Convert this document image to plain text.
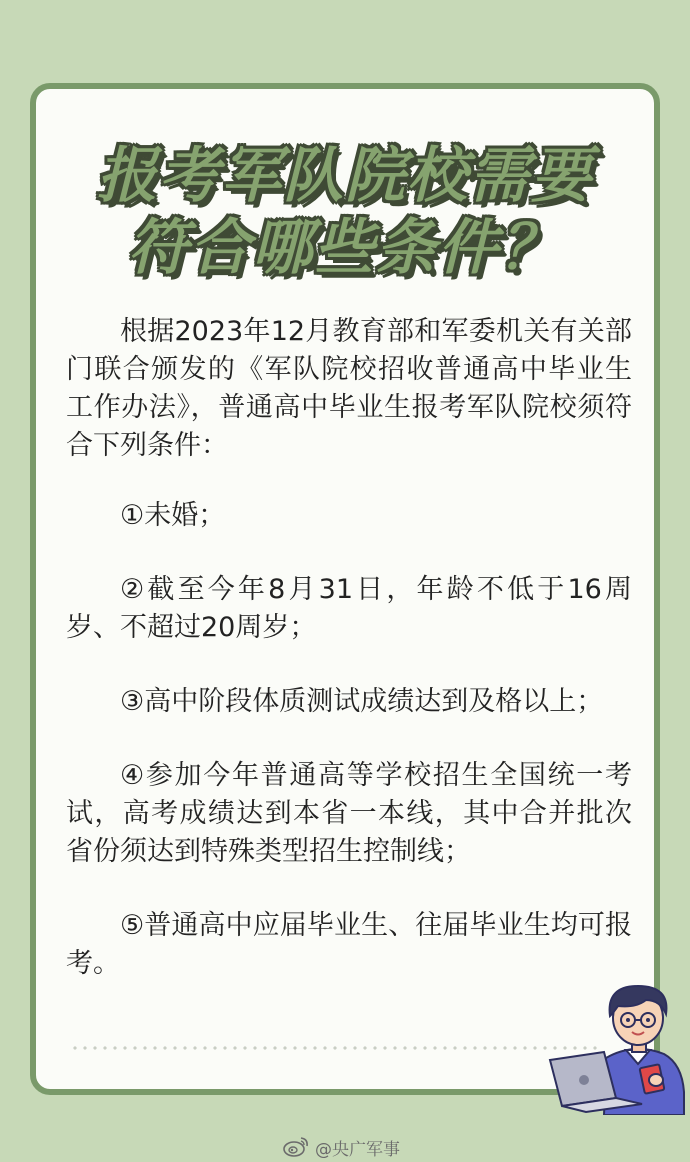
报考军队院校需要
符合哪些条件？

根据2023年12月教育部和军委机关有关部门联合颁发的《军队院校招收普通高中毕业生工作办法》，普通高中毕业生报考军队院校须符合下列条件：

①未婚；

②截至今年8月31日，年龄不低于16周岁、不超过20周岁；

③高中阶段体质测试成绩达到及格以上；

④参加今年普通高等学校招生全国统一考试，高考成绩达到本省一本线，其中合并批次省份须达到特殊类型招生控制线；

⑤普通高中应届毕业生、往届毕业生均可报考。

@央广军事
